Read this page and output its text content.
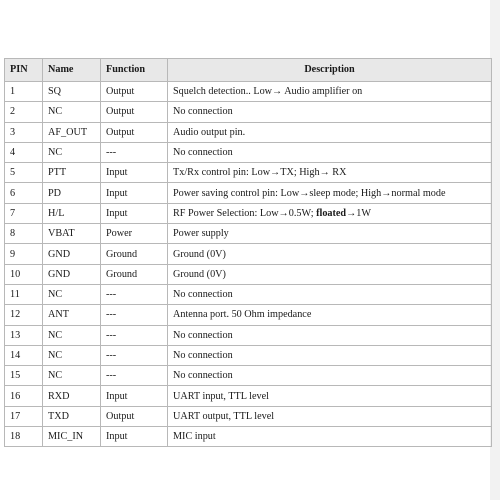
PIN	Name	Function	Description
1	SQ	Output	Squelch detection.. Low→ Audio amplifier on
2	NC	Output	No connection
3	AF_OUT	Output	Audio output pin.
4	NC	---	No connection
5	PTT	Input	Tx/Rx control pin: Low→TX; High→ RX
6	PD	Input	Power saving control pin: Low→sleep mode; High→normal mode
7	H/L	Input	RF Power Selection: Low→0.5W; floated→1W
8	VBAT	Power	Power supply
9	GND	Ground	Ground (0V)
10	GND	Ground	Ground (0V)
11	NC	---	No connection
12	ANT	---	Antenna port. 50 Ohm impedance
13	NC	---	No connection
14	NC	---	No connection
15	NC	---	No connection
16	RXD	Input	UART input, TTL level
17	TXD	Output	UART output, TTL level
18	MIC_IN	Input	MIC input
